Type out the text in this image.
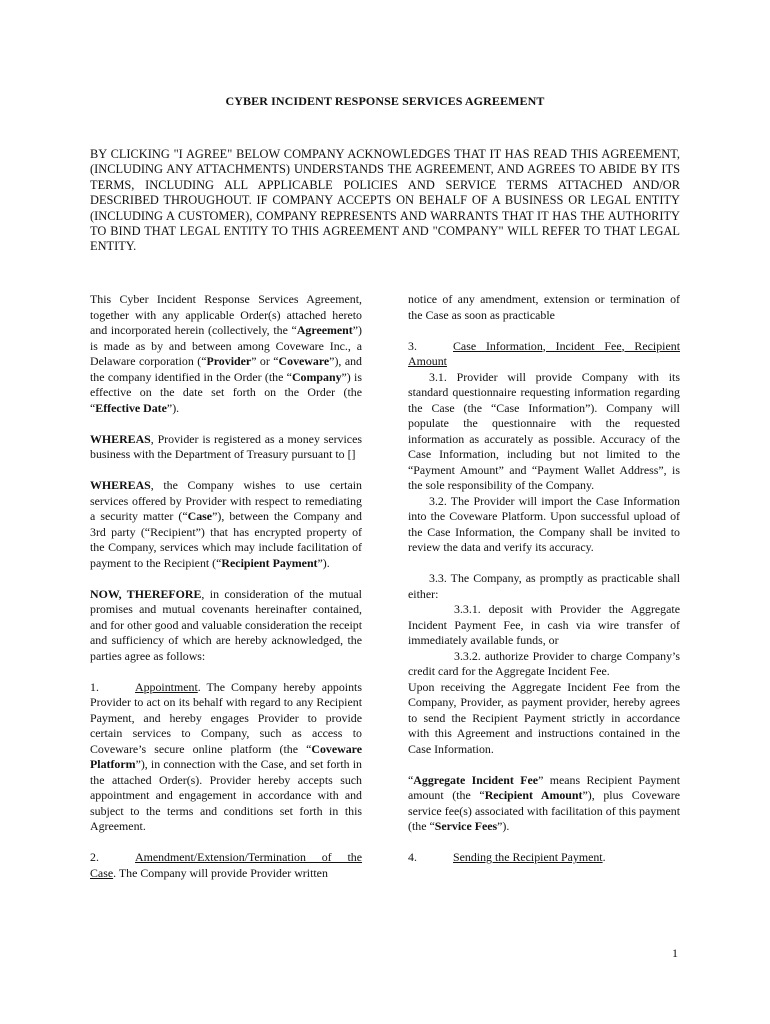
CYBER INCIDENT RESPONSE SERVICES AGREEMENT
BY CLICKING "I AGREE" BELOW COMPANY ACKNOWLEDGES THAT IT HAS READ THIS AGREEMENT, (INCLUDING ANY ATTACHMENTS) UNDERSTANDS THE AGREEMENT, AND AGREES TO ABIDE BY ITS TERMS, INCLUDING ALL APPLICABLE POLICIES AND SERVICE TERMS ATTACHED AND/OR DESCRIBED THROUGHOUT. IF COMPANY ACCEPTS ON BEHALF OF A BUSINESS OR LEGAL ENTITY (INCLUDING A CUSTOMER), COMPANY REPRESENTS AND WARRANTS THAT IT HAS THE AUTHORITY TO BIND THAT LEGAL ENTITY TO THIS AGREEMENT AND "COMPANY" WILL REFER TO THAT LEGAL ENTITY.

This Cyber Incident Response Services Agreement, together with any applicable Order(s) attached hereto and incorporated herein (collectively, the “Agreement”) is made as by and between among Coveware Inc., a Delaware corporation (“Provider” or “Coveware”), and the company identified in the Order (the “Company”) is effective on the date set forth on the Order (the “Effective Date”).

WHEREAS, Provider is registered as a money services business with the Department of Treasury pursuant to []

WHEREAS, the Company wishes to use certain services offered by Provider with respect to remediating a security matter (“Case”), between the Company and 3rd party (“Recipient”) that has encrypted property of the Company, services which may include facilitation of payment to the Recipient (“Recipient Payment”).

NOW, THEREFORE, in consideration of the mutual promises and mutual covenants hereinafter contained, and for other good and valuable consideration the receipt and sufficiency of which are hereby acknowledged, the parties agree as follows:

1.	Appointment. The Company hereby appoints Provider to act on its behalf with regard to any Recipient Payment, and hereby engages Provider to provide certain services to Company, such as access to Coveware’s secure online platform (the “Coveware Platform”), in connection with the Case, and set forth in the attached Order(s). Provider hereby accepts such appointment and engagement in accordance with and subject to the terms and conditions set forth in this Agreement.

2.	Amendment/Extension/Termination of the Case. The Company will provide Provider written

notice of any amendment, extension or termination of the Case as soon as practicable

3.	Case Information, Incident Fee, Recipient Amount

3.1. Provider will provide Company with its standard questionnaire requesting information regarding the Case (the “Case Information”). Company will populate the questionnaire with the requested information as accurately as possible. Accuracy of the Case Information, including but not limited to the “Payment Amount” and “Payment Wallet Address”, is the sole responsibility of the Company.

3.2. The Provider will import the Case Information into the Coveware Platform. Upon successful upload of the Case Information, the Company shall be invited to review the data and verify its accuracy.

3.3. The Company, as promptly as practicable shall either:

3.3.1. deposit with Provider the Aggregate Incident Payment Fee, in cash via wire transfer of immediately available funds, or

3.3.2. authorize Provider to charge Company’s credit card for the Aggregate Incident Fee.

Upon receiving the Aggregate Incident Fee from the Company, Provider, as payment provider, hereby agrees to send the Recipient Payment strictly in accordance with this Agreement and instructions contained in the Case Information.

“Aggregate Incident Fee” means Recipient Payment amount (the “Recipient Amount”), plus Coveware service fee(s) associated with facilitation of this payment (the “Service Fees”).

4.	Sending the Recipient Payment.

1
